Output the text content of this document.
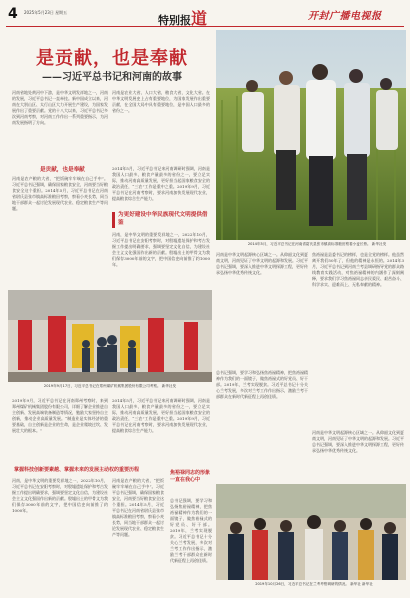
4 2025年5月23日 星期五
特别报道	开封广播电视报
是贡献，也是奉献
——习近平总书记和河南的故事
2014年5月，习近平总书记在河南省尉氏县张市镇高标准粮田察看小麦长势。 新华社发
河南省地处黄河中下游，是中华文明发祥地之一，河南的发展，习近平总书记一直牵挂。新中国成立以来，河南在大别山区、太行山区大力开展生产建设，为国家发展作出了重要贡献。党的十八大以来，习近平总书记多次到河南考察，对河南工作作出一系列重要指示，为河南发展指明了方向。
河南是农业大省、人口大省，粮食大省，文化大省。在中华文明发展史上占有重要地位，为国家发展作出重要贡献，在全国大局中具有重要地位，是中国人口最多的省份之一。
是贡献，也是奉献
河南是农产粮的大省，“把饭碗牢牢端在自己手中”。习近平总书记强调，确保国家粮食安全，河南要当好粮食安全这个重担。2014年5月，习近平总书记在河南省尉氏县张市镇高标准粮田考察，察看小麦长势，同当地干部群众一起讨论发展现代农业、稳定粮食生产等问题。
2014年5月，习近平总书记来河南调研时强调，河南是我国人口最多、粮食产量最多的省份之一，要立足实际，推动河南高质量发展，更好担当起国家粮食安全的政治责任，“三农”工作是重中之重。2019年9月，习近平总书记在河南考察时，要求河南加快发展现代农业，提高粮食综合生产能力。
为更好建设中华民族现代文明提供借鉴
河南，是中华文明的重要发祥地之一，2022年10月，习近平总书记在安阳考察时，对殷墟遗址保护和考古发掘工作提出明确要求，强调要坚定文化自信，为建设社会主义文化强国作出新的贡献。殷墟出土的甲骨文为我们保存3000年前的文字，把中国信史向前推了约1000年。
2019年9月17日，习近平总书记在郑州煤矿机械集团股份有限公司考察。 新华社发
河南是中华文明起源核心区域之一。从仰韶文化到夏商文明，河南见证了中华文明的起源和发展。习近平总书记强调，要深入推进中华文明探源工程，更好传承弘扬中华优秀传统文化。
焦裕禄是县委书记的榜样，也是全党的榜样。他虽然离开我们50年了，但他的精神是永恒的。2014年3月，习近平总书记到河南兰考县调研指导党的群众路线教育实践活动，对焦裕禄精神的内涵作了深刻阐释，要求我们学习焦裕禄同志亲民爱民、艰苦奋斗、科学求实、迎难而上、无私奉献的精神。
2019年9月，习近平总书记在河南郑州考察时，来到郑州煤矿机械集团股份有限公司，详细了解企业推进自主创新、发展高端装备制造等情况，勉励大家坚持自主创新，推动企业高质量发展。“制造业是实体经济的重要基础，自主创新是企业的生命，是企业爬坡过坎、发展壮大的根本。”
2014年5月，习近平总书记来河南调研时强调，河南是我国人口最多、粮食产量最多的省份之一，要立足实际，推动河南高质量发展，更好担当起国家粮食安全的政治责任，“三农”工作是重中之重。2019年9月，习近平总书记在河南考察时，要求河南加快发展现代农业，提高粮食综合生产能力。
掌握科技创新要素越、掌握未来的发展主动权的重要历程
河南，是中华文明的重要发祥地之一，2022年10月，习近平总书记在安阳考察时，对殷墟遗址保护和考古发掘工作提出明确要求，强调要坚定文化自信，为建设社会主义文化强国作出新的贡献。殷墟出土的甲骨文为我们保存3000年前的文字，把中国信史向前推了约1000年。
河南是农产粮的大省，“把饭碗牢牢端在自己手中”。习近平总书记强调，确保国家粮食安全，河南要当好粮食安全这个重担。2014年5月，习近平总书记在河南省尉氏县张市镇高标准粮田考察，察看小麦长势，同当地干部群众一起讨论发展现代农业、稳定粮食生产等问题。
焦裕禄同志的形象一直在我心中
总书记强调，要学习和弘扬焦裕禄精神，把焦裕禄精神作为我们的一面镜子，做焦裕禄式的好党员、好干部。2019年，兰考实现脱贫。习近平总书记十分关心兰考发展，多次对兰考工作作出指示，激励兰考干部群众在新时代新征程上再创佳绩。
总书记强调，要学习和弘扬焦裕禄精神，把焦裕禄精神作为我们的一面镜子，做焦裕禄式的好党员、好干部。2019年，兰考实现脱贫。习近平总书记十分关心兰考发展，多次对兰考工作作出指示，激励兰考干部群众在新时代新征程上再创佳绩。
河南是中华文明起源核心区域之一。从仰韶文化到夏商文明，河南见证了中华文明的起源和发展。习近平总书记强调，要深入推进中华文明探源工程，更好传承弘扬中华优秀传统文化。
2019年10月26日，习近平总书记在兰考考察调研的情况。 新华社 新华社
